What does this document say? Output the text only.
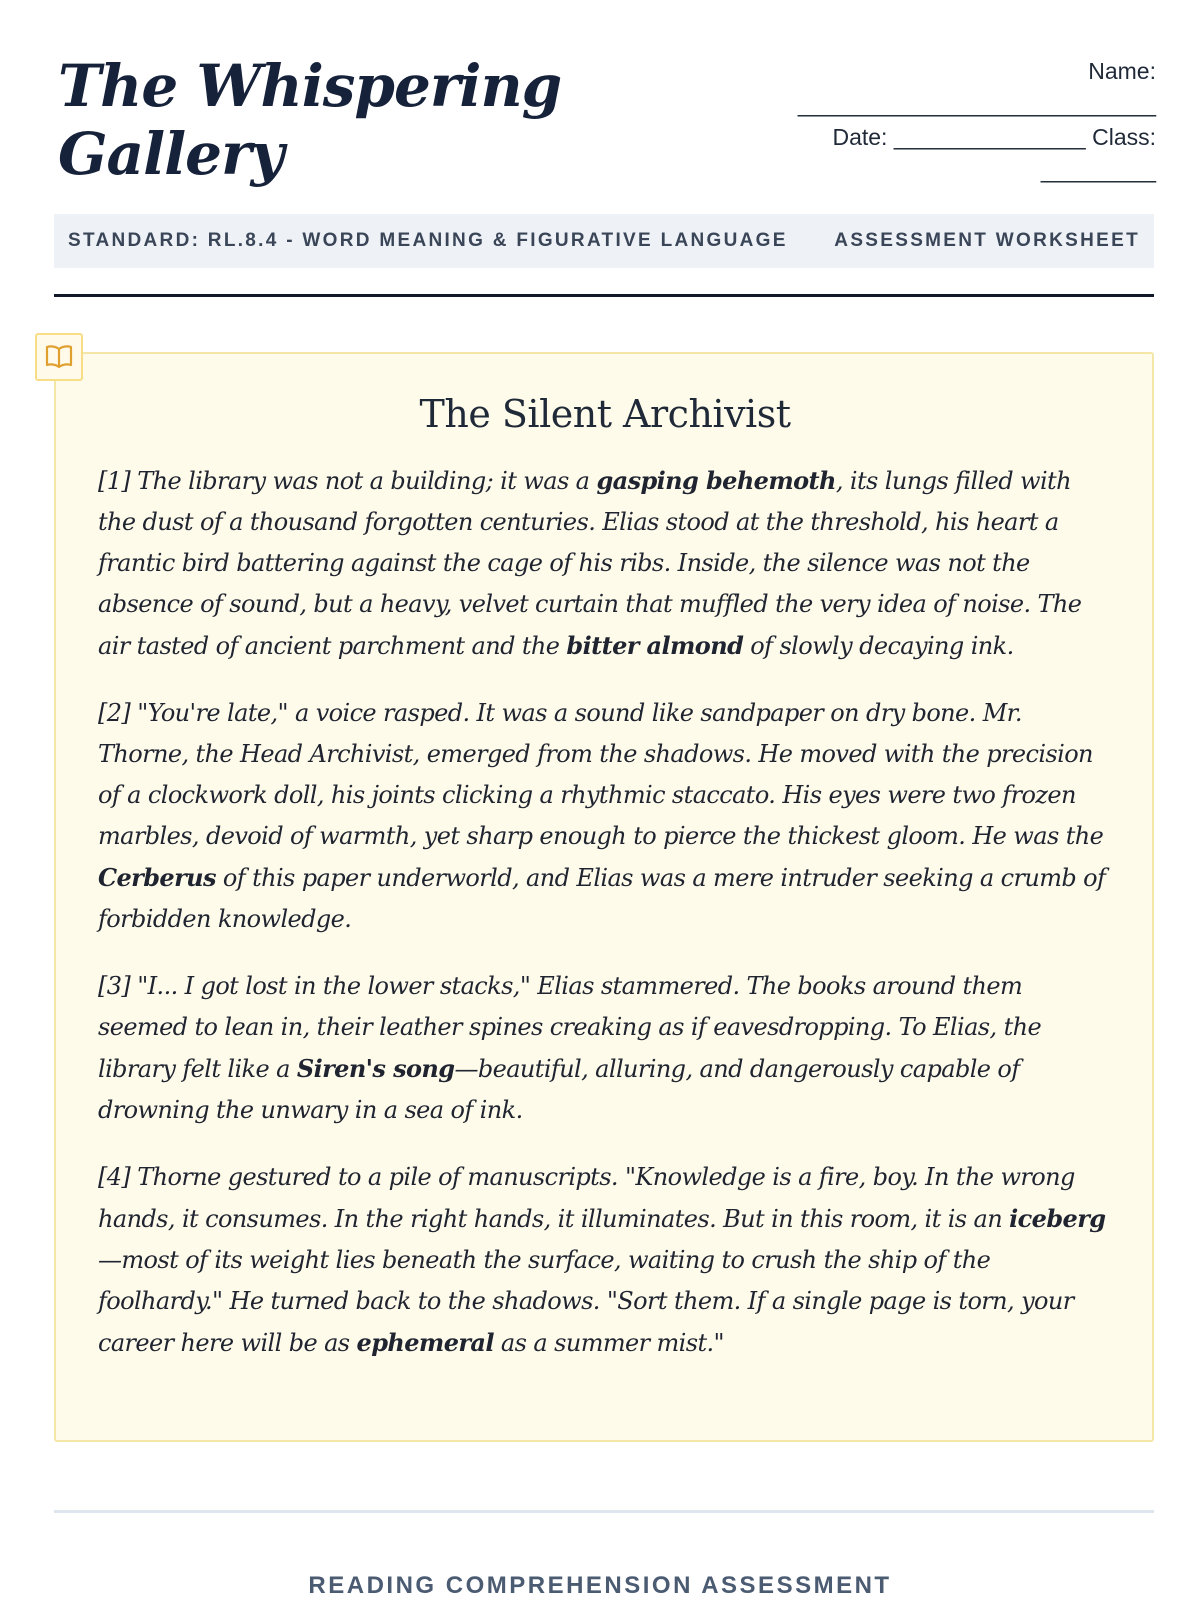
The Whispering
Gallery
Name:
____________________________
Date: _______________ Class:
_________
STANDARD: RL.8.4 - WORD MEANING & FIGURATIVE LANGUAGE ASSESSMENT WORKSHEET
The Silent Archivist

[1] The library was not a building; it was a gasping behemoth, its lungs filled with the dust of a thousand forgotten centuries. Elias stood at the threshold, his heart a frantic bird battering against the cage of his ribs. Inside, the silence was not the absence of sound, but a heavy, velvet curtain that muffled the very idea of noise. The air tasted of ancient parchment and the bitter almond of slowly decaying ink.

[2] "You're late," a voice rasped. It was a sound like sandpaper on dry bone. Mr. Thorne, the Head Archivist, emerged from the shadows. He moved with the precision of a clockwork doll, his joints clicking a rhythmic staccato. His eyes were two frozen marbles, devoid of warmth, yet sharp enough to pierce the thickest gloom. He was the Cerberus of this paper underworld, and Elias was a mere intruder seeking a crumb of forbidden knowledge.

[3] "I... I got lost in the lower stacks," Elias stammered. The books around them seemed to lean in, their leather spines creaking as if eavesdropping. To Elias, the library felt like a Siren's song—beautiful, alluring, and dangerously capable of drowning the unwary in a sea of ink.

[4] Thorne gestured to a pile of manuscripts. "Knowledge is a fire, boy. In the wrong hands, it consumes. In the right hands, it illuminates. But in this room, it is an iceberg—most of its weight lies beneath the surface, waiting to crush the ship of the foolhardy." He turned back to the shadows. "Sort them. If a single page is torn, your career here will be as ephemeral as a summer mist."

READING COMPREHENSION ASSESSMENT
